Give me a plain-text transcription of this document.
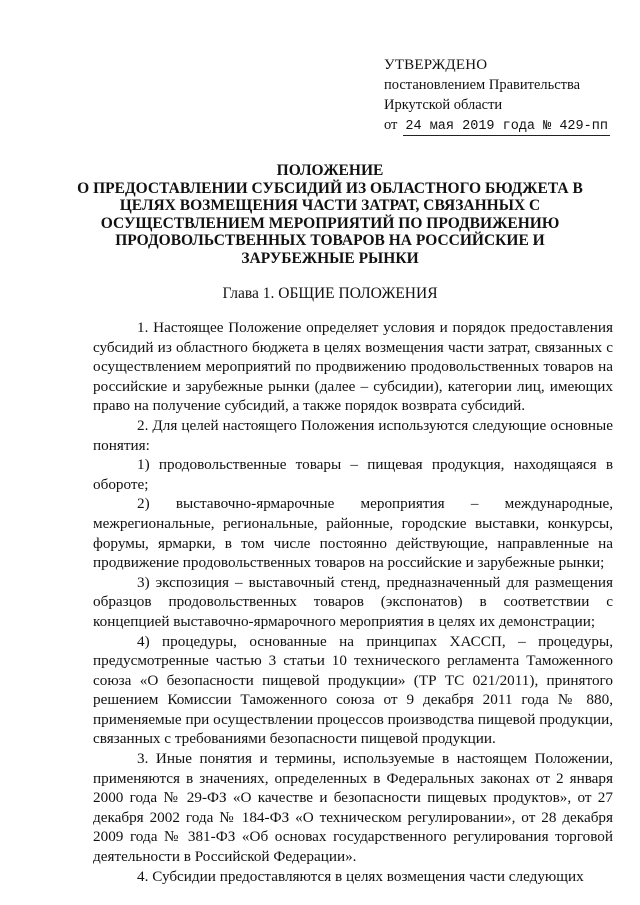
УТВЕРЖДЕНО
постановлением Правительства
Иркутской области
от 24 мая 2019 года № 429-пп
ПОЛОЖЕНИЕ
О ПРЕДОСТАВЛЕНИИ СУБСИДИЙ ИЗ ОБЛАСТНОГО БЮДЖЕТА В
ЦЕЛЯХ ВОЗМЕЩЕНИЯ ЧАСТИ ЗАТРАТ, СВЯЗАННЫХ С
ОСУЩЕСТВЛЕНИЕМ МЕРОПРИЯТИЙ ПО ПРОДВИЖЕНИЮ
ПРОДОВОЛЬСТВЕННЫХ ТОВАРОВ НА РОССИЙСКИЕ И
ЗАРУБЕЖНЫЕ РЫНКИ
Глава 1. ОБЩИЕ ПОЛОЖЕНИЯ

1. Настоящее Положение определяет условия и порядок предоставления субсидий из областного бюджета в целях возмещения части затрат, связанных с осуществлением мероприятий по продвижению продовольственных товаров на российские и зарубежные рынки (далее – субсидии), категории лиц, имеющих право на получение субсидий, а также порядок возврата субсидий.

2. Для целей настоящего Положения используются следующие основные понятия:

1) продовольственные товары – пищевая продукция, находящаяся в обороте;

2) выставочно-ярмарочные мероприятия – международные, межрегиональные, региональные, районные, городские выставки, конкурсы, форумы, ярмарки, в том числе постоянно действующие, направленные на продвижение продовольственных товаров на российские и зарубежные рынки;

3) экспозиция – выставочный стенд, предназначенный для размещения образцов продовольственных товаров (экспонатов) в соответствии с концепцией выставочно-ярмарочного мероприятия в целях их демонстрации;

4) процедуры, основанные на принципах ХАССП, – процедуры, предусмотренные частью 3 статьи 10 технического регламента Таможенного союза «О безопасности пищевой продукции» (ТР ТС 021/2011), принятого решением Комиссии Таможенного союза от 9 декабря 2011 года № 880, применяемые при осуществлении процессов производства пищевой продукции, связанных с требованиями безопасности пищевой продукции.

3. Иные понятия и термины, используемые в настоящем Положении, применяются в значениях, определенных в Федеральных законах от 2 января 2000 года № 29-ФЗ «О качестве и безопасности пищевых продуктов», от 27 декабря 2002 года № 184-ФЗ «О техническом регулировании», от 28 декабря 2009 года № 381-ФЗ «Об основах государственного регулирования торговой деятельности в Российской Федерации».

4. Субсидии предоставляются в целях возмещения части следующих
